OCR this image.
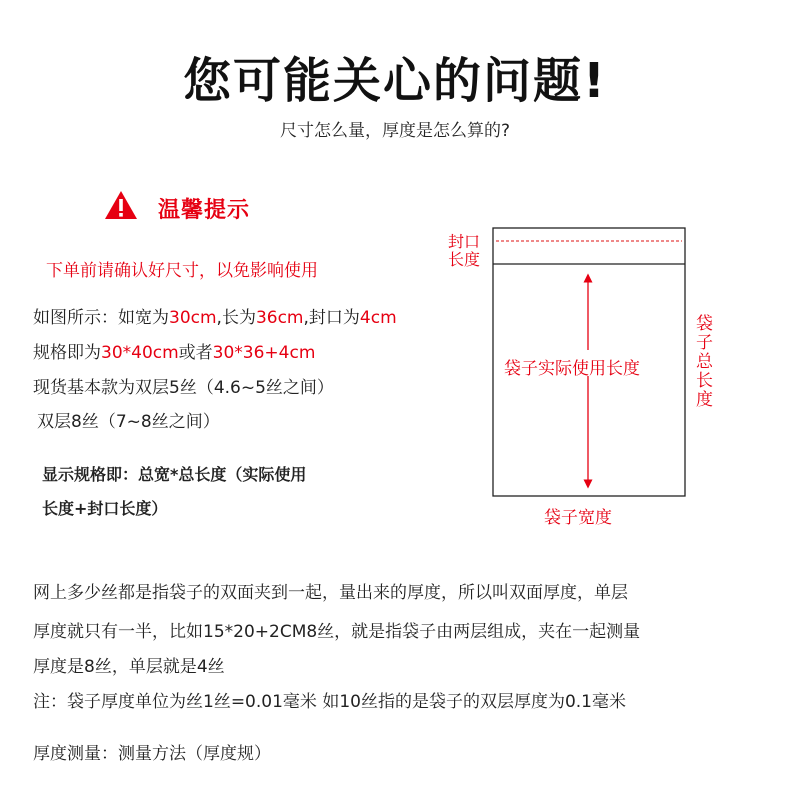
您可能关心的问题!
尺寸怎么量，厚度是怎么算的?
温馨提示
下单前请确认好尺寸，以免影响使用
如图所示：如宽为30cm,长为36cm,封口为4cm
规格即为30*40cm或者30*36+4cm
现货基本款为双层5丝（4.6~5丝之间）
双层8丝（7~8丝之间）
显示规格即：总宽*总长度（实际使用
长度+封口长度）
封口
长度
袋子实际使用长度
袋子总长度
袋子宽度
网上多少丝都是指袋子的双面夹到一起，量出来的厚度，所以叫双面厚度，单层
厚度就只有一半，比如15*20+2CM8丝，就是指袋子由两层组成，夹在一起测量
厚度是8丝，单层就是4丝
注：袋子厚度单位为丝1丝=0.01毫米 如10丝指的是袋子的双层厚度为0.1毫米
厚度测量：测量方法（厚度规）
